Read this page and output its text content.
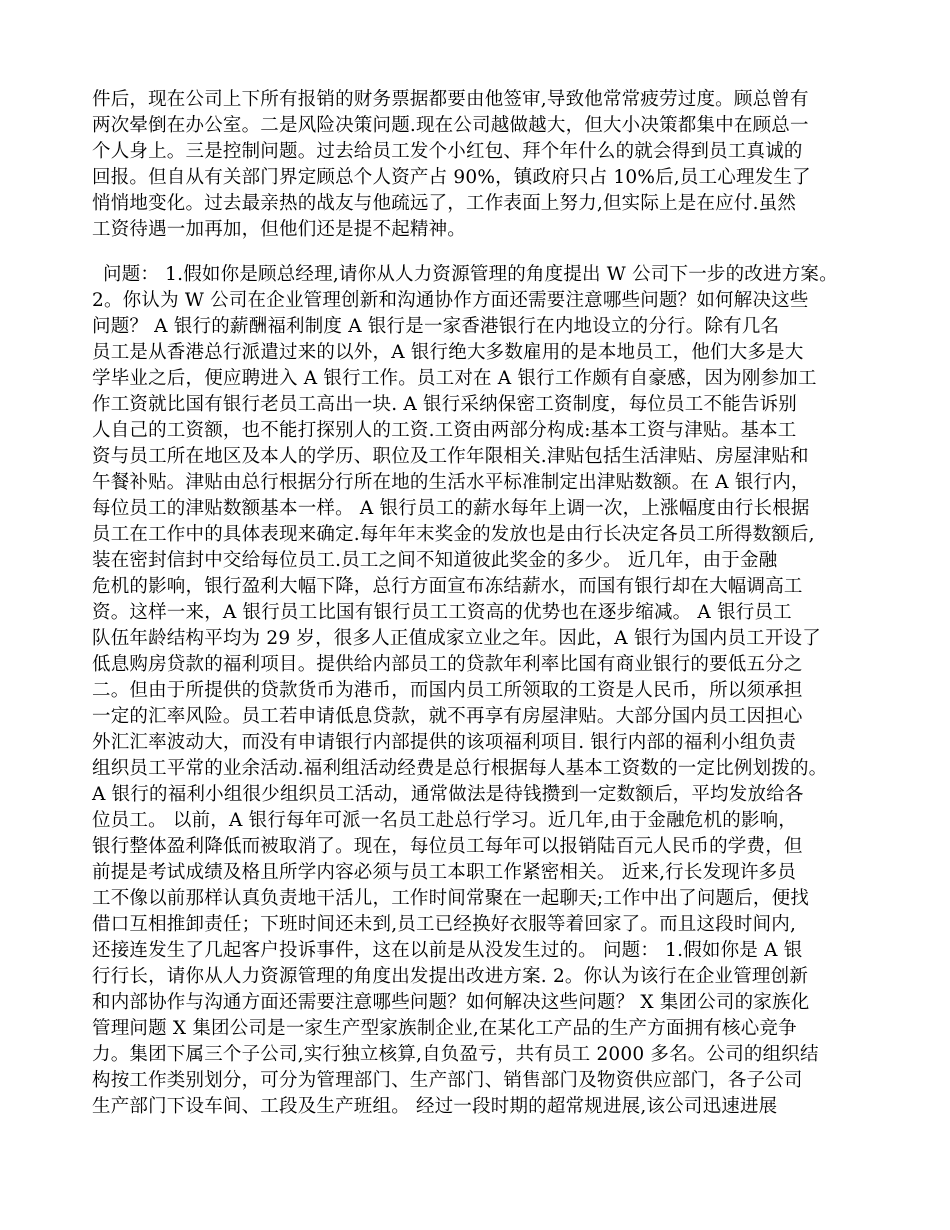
件后，现在公司上下所有报销的财务票据都要由他签审,导致他常常疲劳过度。顾总曾有
两次晕倒在办公室。二是风险决策问题.现在公司越做越大，但大小决策都集中在顾总一
个人身上。三是控制问题。过去给员工发个小红包、拜个年什么的就会得到员工真诚的
回报。但自从有关部门界定顾总个人资产占 90%，镇政府只占 10%后,员工心理发生了
悄悄地变化。过去最亲热的战友与他疏远了，工作表面上努力,但实际上是在应付.虽然
工资待遇一加再加，但他们还是提不起精神。
问题： 1.假如你是顾总经理,请你从人力资源管理的角度提出 W 公司下一步的改进方案。
2。你认为 W 公司在企业管理创新和沟通协作方面还需要注意哪些问题？如何解决这些
问题？ A 银行的薪酬福利制度 A 银行是一家香港银行在内地设立的分行。除有几名
员工是从香港总行派遣过来的以外，A 银行绝大多数雇用的是本地员工，他们大多是大
学毕业之后，便应聘进入 A 银行工作。员工对在 A 银行工作颇有自豪感，因为刚参加工
作工资就比国有银行老员工高出一块. A 银行采纳保密工资制度，每位员工不能告诉别
人自己的工资额，也不能打探别人的工资.工资由两部分构成:基本工资与津贴。基本工
资与员工所在地区及本人的学历、职位及工作年限相关.津贴包括生活津贴、房屋津贴和
午餐补贴。津贴由总行根据分行所在地的生活水平标准制定出津贴数额。在 A 银行内，
每位员工的津贴数额基本一样。 A 银行员工的薪水每年上调一次，上涨幅度由行长根据
员工在工作中的具体表现来确定.每年年末奖金的发放也是由行长决定各员工所得数额后,
装在密封信封中交给每位员工.员工之间不知道彼此奖金的多少。 近几年，由于金融
危机的影响，银行盈利大幅下降，总行方面宣布冻结薪水，而国有银行却在大幅调高工
资。这样一来，A 银行员工比国有银行员工工资高的优势也在逐步缩减。 A 银行员工
队伍年龄结构平均为 29 岁，很多人正值成家立业之年。因此，A 银行为国内员工开设了
低息购房贷款的福利项目。提供给内部员工的贷款年利率比国有商业银行的要低五分之
二。但由于所提供的贷款货币为港币，而国内员工所领取的工资是人民币，所以须承担
一定的汇率风险。员工若申请低息贷款，就不再享有房屋津贴。大部分国内员工因担心
外汇汇率波动大，而没有申请银行内部提供的该项福利项目. 银行内部的福利小组负责
组织员工平常的业余活动.福利组活动经费是总行根据每人基本工资数的一定比例划拨的。
A 银行的福利小组很少组织员工活动，通常做法是待钱攒到一定数额后，平均发放给各
位员工。 以前，A 银行每年可派一名员工赴总行学习。近几年,由于金融危机的影响，
银行整体盈利降低而被取消了。现在，每位员工每年可以报销陆百元人民币的学费，但
前提是考试成绩及格且所学内容必须与员工本职工作紧密相关。 近来,行长发现许多员
工不像以前那样认真负责地干活儿，工作时间常聚在一起聊天;工作中出了问题后，便找
借口互相推卸责任；下班时间还未到,员工已经换好衣服等着回家了。而且这段时间内,
还接连发生了几起客户投诉事件，这在以前是从没发生过的。 问题： 1.假如你是 A 银
行行长，请你从人力资源管理的角度出发提出改进方案. 2。你认为该行在企业管理创新
和内部协作与沟通方面还需要注意哪些问题？如何解决这些问题？ X 集团公司的家族化
管理问题 X 集团公司是一家生产型家族制企业,在某化工产品的生产方面拥有核心竞争
力。集团下属三个子公司,实行独立核算,自负盈亏，共有员工 2000 多名。公司的组织结
构按工作类别划分，可分为管理部门、生产部门、销售部门及物资供应部门，各子公司
生产部门下设车间、工段及生产班组。 经过一段时期的超常规进展,该公司迅速进展
